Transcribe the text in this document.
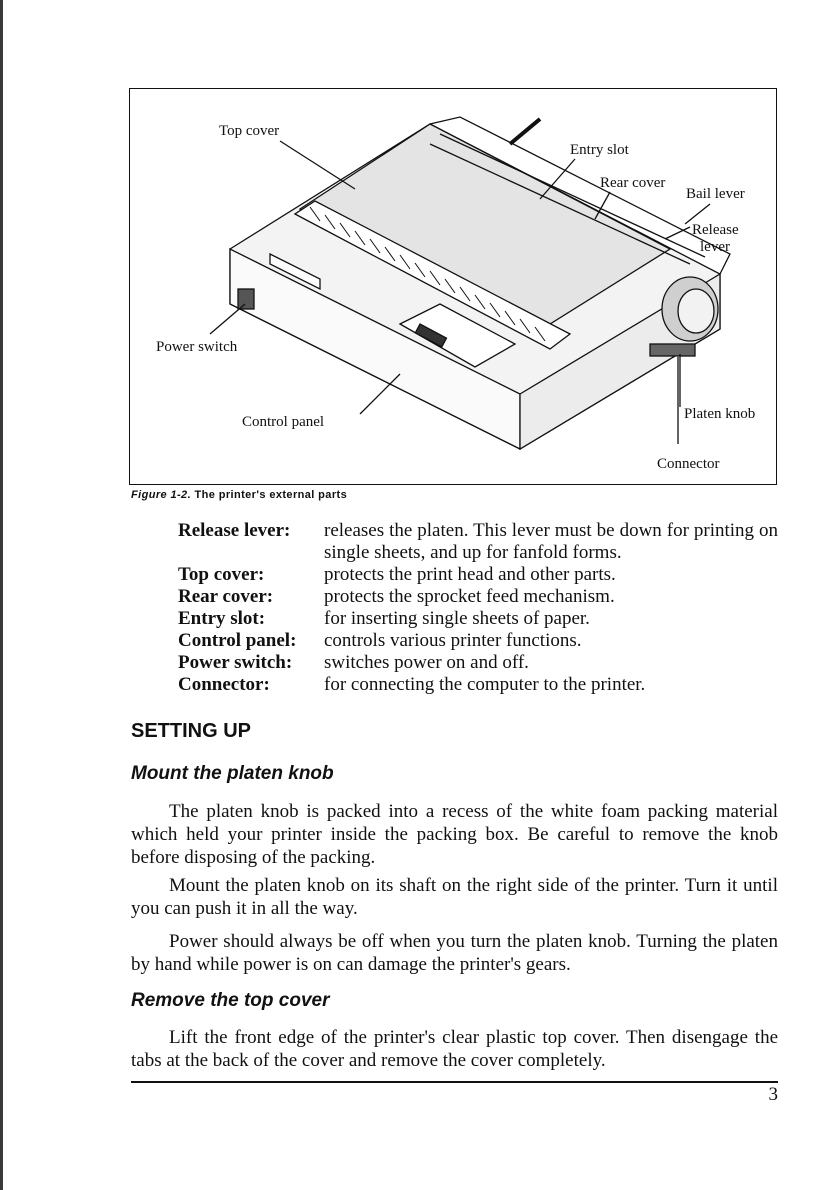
Top cover
Entry slot
Rear cover
Bail lever
Release
lever
Power switch
Control panel	Platen knob
Connector
Figure 1-2. The printer's external parts
Release lever:	releases the platen. This lever must be down for printing on single sheets, and up for fanfold forms.
Top cover:	protects the print head and other parts.
Rear cover:	protects the sprocket feed mechanism.
Entry slot:	for inserting single sheets of paper.
Control panel:	controls various printer functions.
Power switch:	switches power on and off.
Connector:	for connecting the computer to the printer.
SETTING UP
Mount the platen knob

The platen knob is packed into a recess of the white foam packing material which held your printer inside the packing box. Be careful to remove the knob before disposing of the packing.

Mount the platen knob on its shaft on the right side of the printer. Turn it until you can push it in all the way.

Power should always be off when you turn the platen knob. Turning the platen by hand while power is on can damage the printer's gears.

Remove the top cover

Lift the front edge of the printer's clear plastic top cover. Then disengage the tabs at the back of the cover and remove the cover completely.

3
